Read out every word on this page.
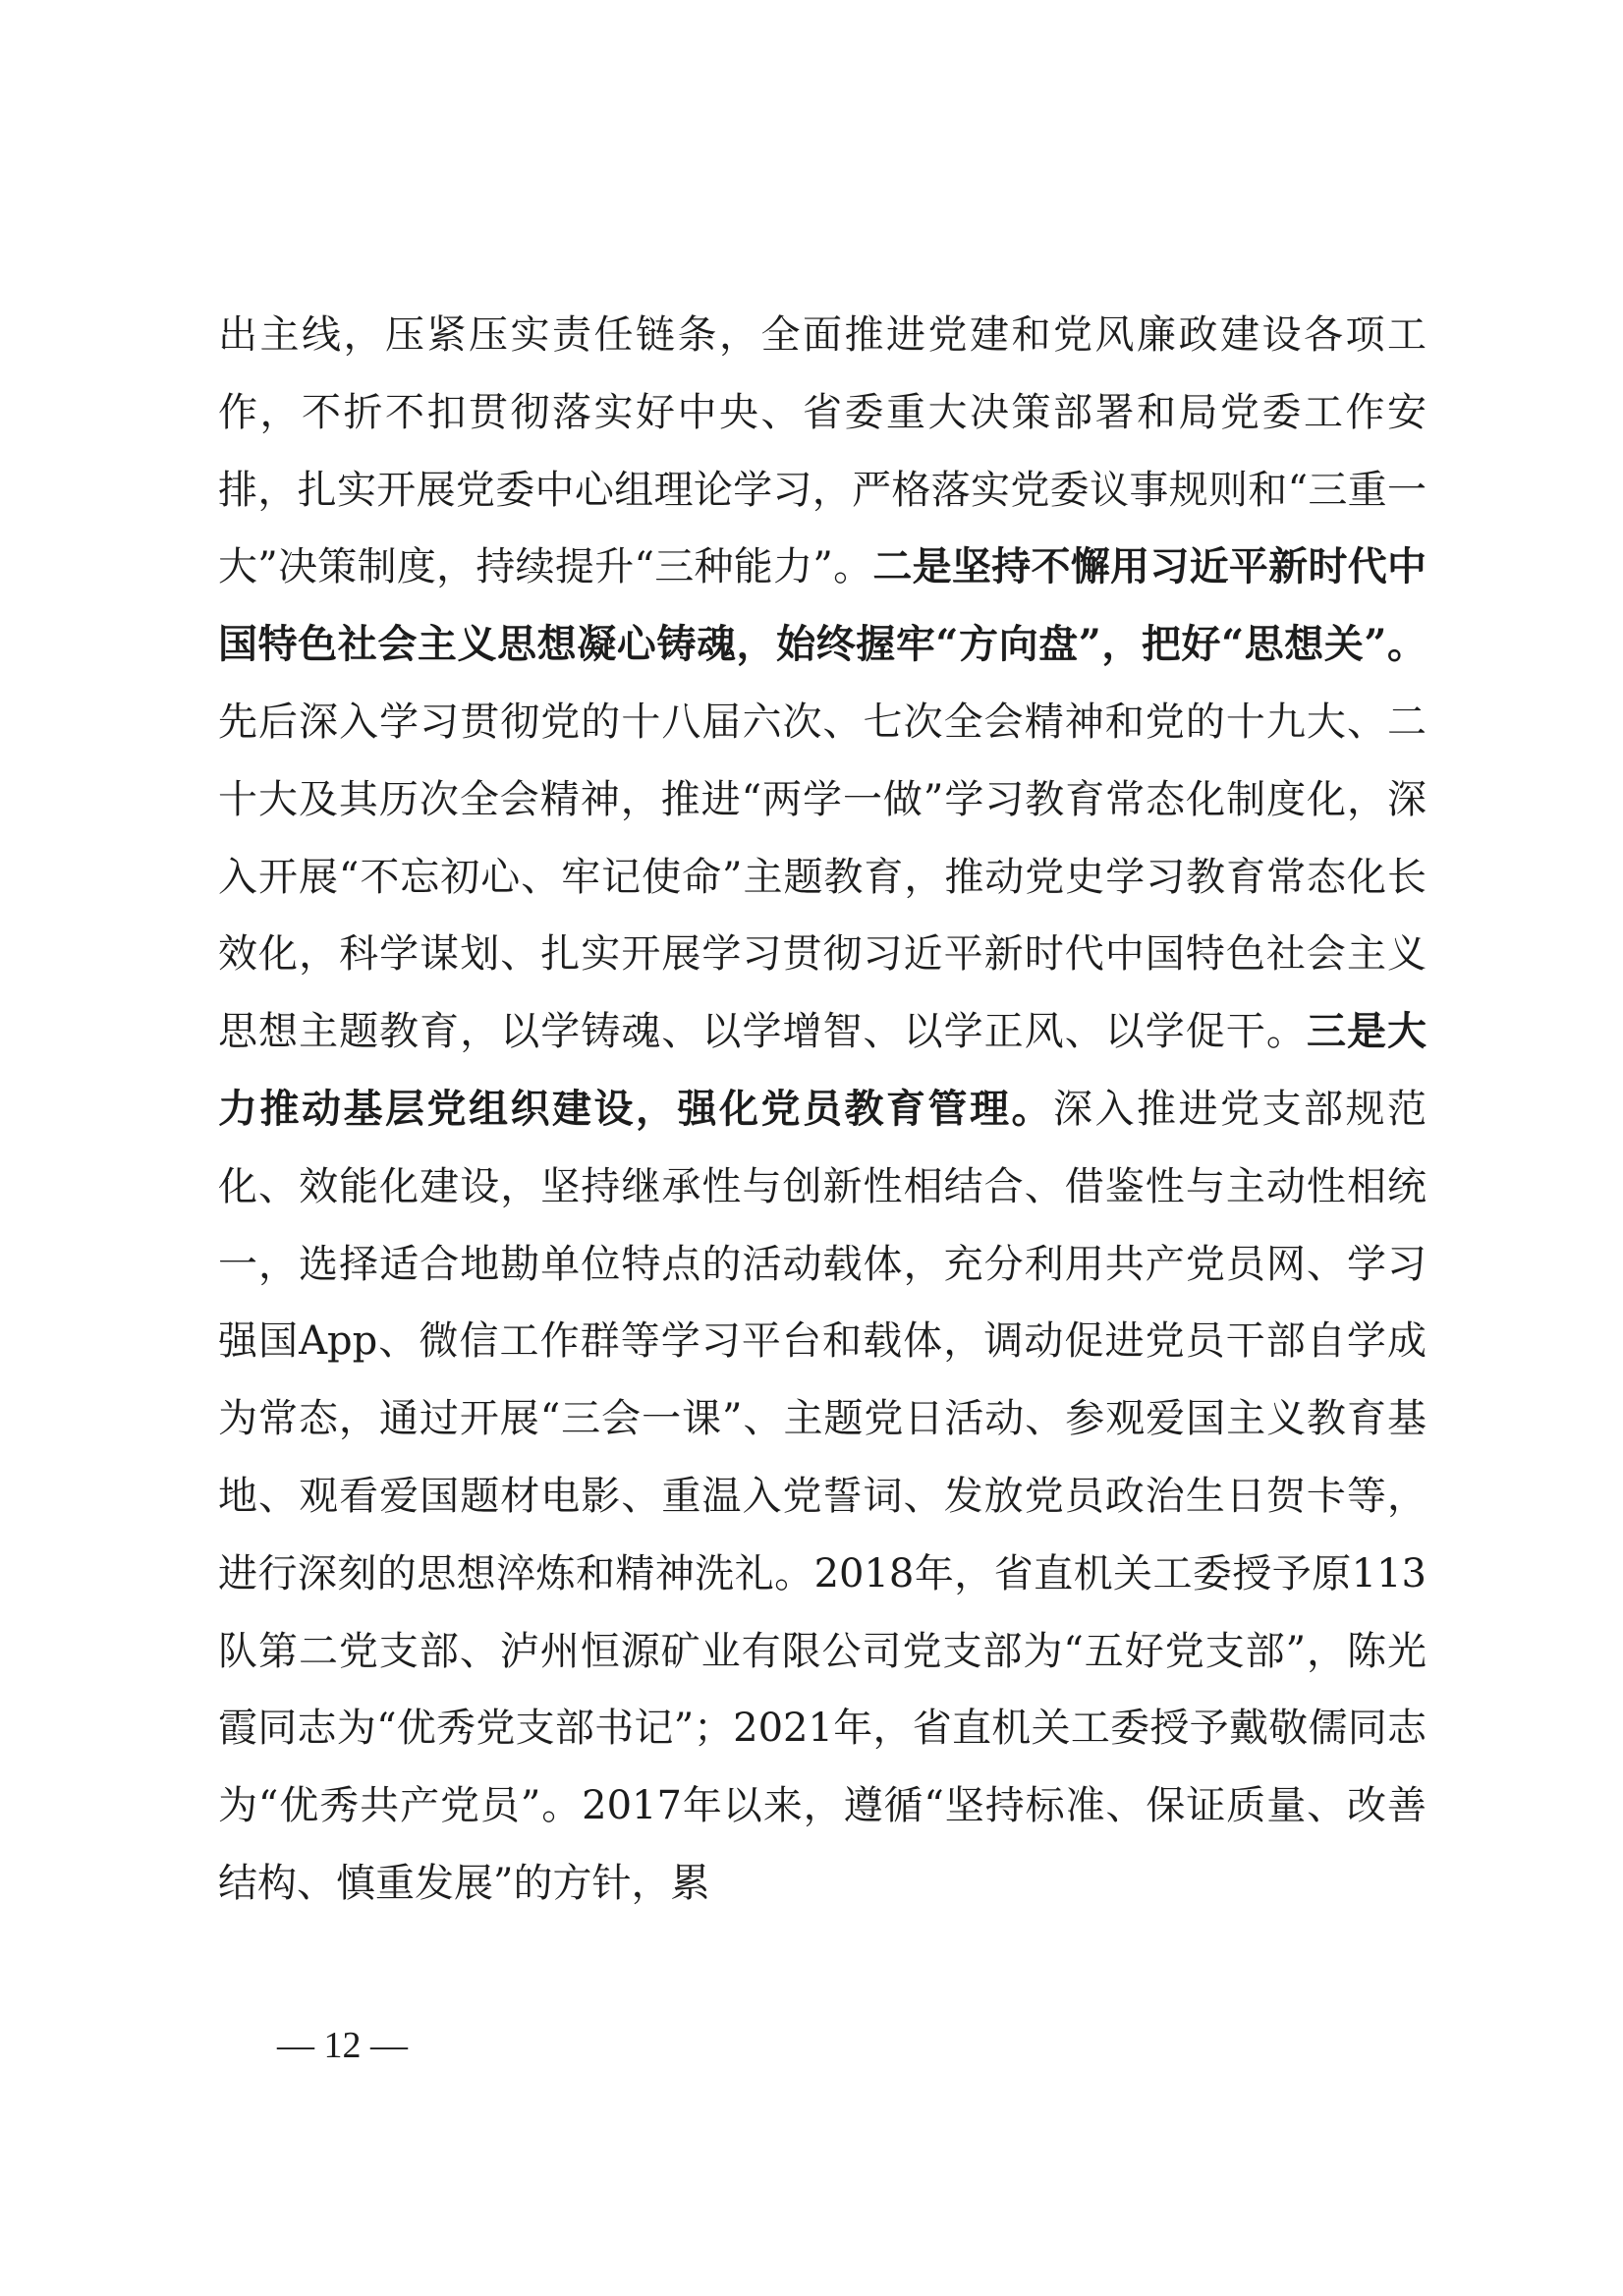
出主线，压紧压实责任链条，全面推进党建和党风廉政建设各项工作，不折不扣贯彻落实好中央、省委重大决策部署和局党委工作安排，扎实开展党委中心组理论学习，严格落实党委议事规则和“三重一大”决策制度，持续提升“三种能力”。二是坚持不懈用习近平新时代中国特色社会主义思想凝心铸魂，始终握牢“方向盘”，把好“思想关”。先后深入学习贯彻党的十八届六次、七次全会精神和党的十九大、二十大及其历次全会精神，推进“两学一做”学习教育常态化制度化，深入开展“不忘初心、牢记使命”主题教育，推动党史学习教育常态化长效化，科学谋划、扎实开展学习贯彻习近平新时代中国特色社会主义思想主题教育，以学铸魂、以学增智、以学正风、以学促干。三是大力推动基层党组织建设，强化党员教育管理。深入推进党支部规范化、效能化建设，坚持继承性与创新性相结合、借鉴性与主动性相统一，选择适合地勘单位特点的活动载体，充分利用共产党员网、学习强国App、微信工作群等学习平台和载体，调动促进党员干部自学成为常态，通过开展“三会一课”、主题党日活动、参观爱国主义教育基地、观看爱国题材电影、重温入党誓词、发放党员政治生日贺卡等，进行深刻的思想淬炼和精神洗礼。2018年，省直机关工委授予原113队第二党支部、泸州恒源矿业有限公司党支部为“五好党支部”，陈光霞同志为“优秀党支部书记”；2021年，省直机关工委授予戴敬儒同志为“优秀共产党员”。2017年以来，遵循“坚持标准、保证质量、改善结构、慎重发展”的方针，累

— 12 —
